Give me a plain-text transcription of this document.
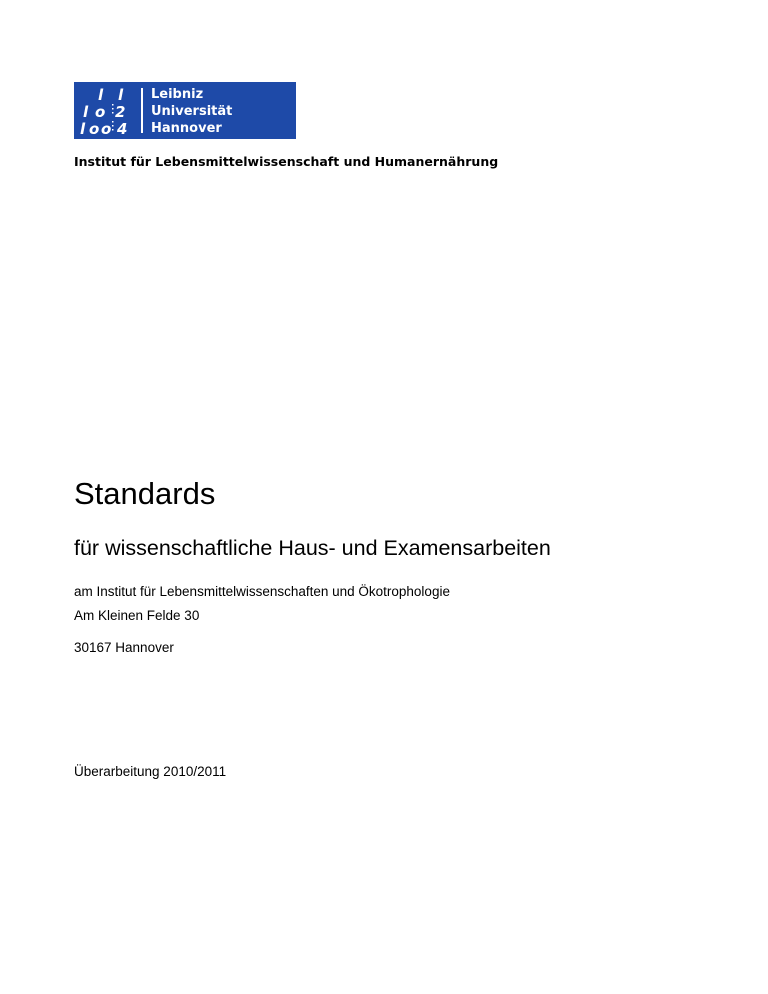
l l
l o 2
l o o 4
Leibniz
Universität
Hannover
Institut für Lebensmittelwissenschaft und Humanernährung
Standards
für wissenschaftliche Haus- und Examensarbeiten
am Institut für Lebensmittelwissenschaften und Ökotrophologie
Am Kleinen Felde 30
30167 Hannover
Überarbeitung 2010/2011
